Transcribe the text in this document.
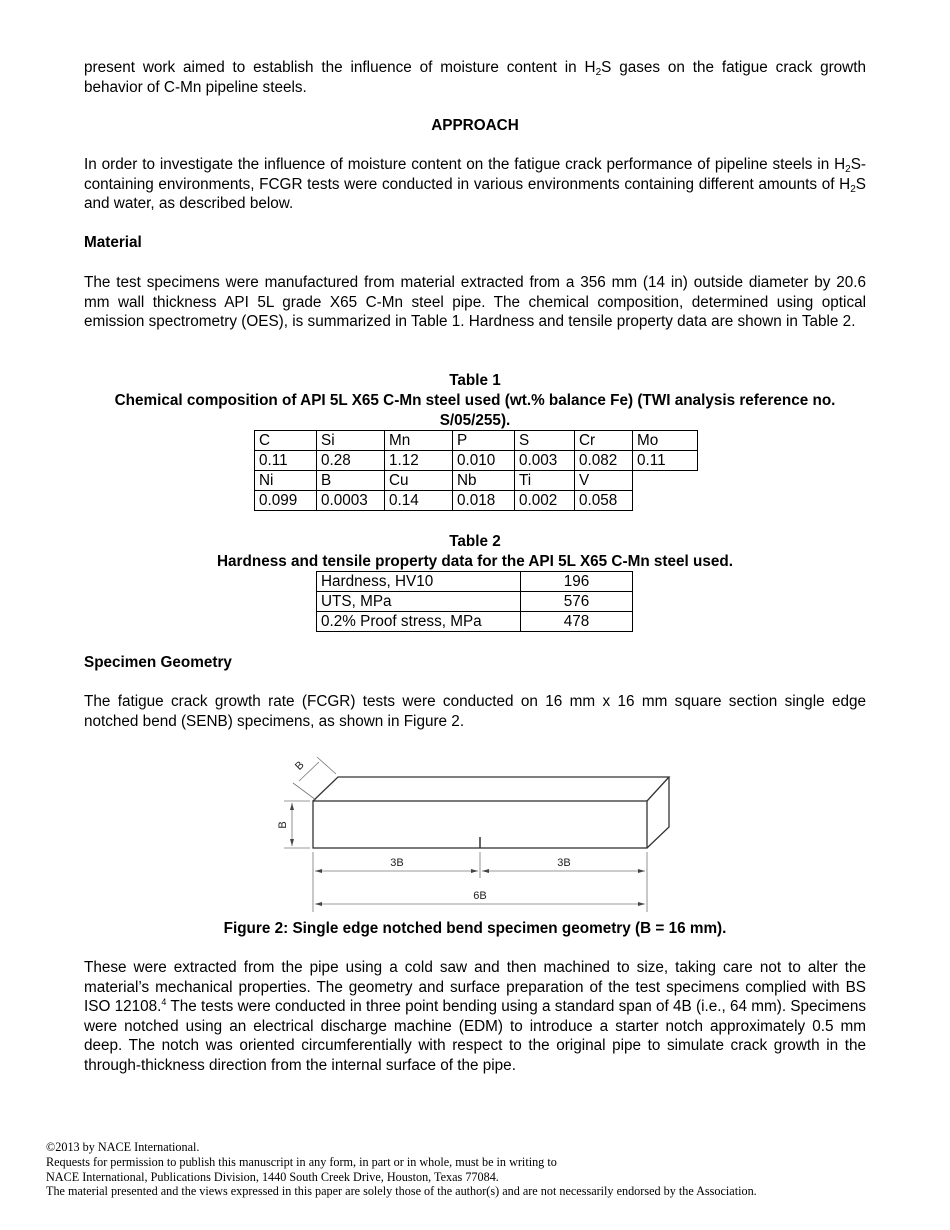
present work aimed to establish the influence of moisture content in $H_2S$ gases on the fatigue crack growth behavior of C-Mn pipeline steels.

APPROACH

In order to investigate the influence of moisture content on the fatigue crack performance of pipeline steels in $H_2S$-containing environments, FCGR tests were conducted in various environments containing different amounts of $H_2S$ and water, as described below.

Material

The test specimens were manufactured from material extracted from a 356 mm (14 in) outside diameter by 20.6 mm wall thickness API 5L grade X65 C-Mn steel pipe. The chemical composition, determined using optical emission spectrometry (OES), is summarized in Table 1. Hardness and tensile property data are shown in Table 2.

Table 1
Chemical composition of API 5L X65 C-Mn steel used (wt.% balance Fe) (TWI analysis reference no. S/05/255).
C	Si	Mn	P	S	Cr	Mo
0.11	0.28	1.12	0.010	0.003	0.082	0.11
Ni	B	Cu	Nb	Ti	V	
0.099	0.0003	0.14	0.018	0.002	0.058	
Table 2
Hardness and tensile property data for the API 5L X65 C-Mn steel used.
Hardness, HV10	196
UTS, MPa	576
0.2% Proof stress, MPa	478
Specimen Geometry

The fatigue crack growth rate (FCGR) tests were conducted on 16 mm x 16 mm square section single edge notched bend (SENB) specimens, as shown in Figure 2.

3B	3B
6B
B
B
Figure 2: Single edge notched bend specimen geometry (B = 16 mm).

These were extracted from the pipe using a cold saw and then machined to size, taking care not to alter the material’s mechanical properties. The geometry and surface preparation of the test specimens complied with BS ISO 12108.$^4$ The tests were conducted in three point bending using a standard span of 4B (i.e., 64 mm). Specimens were notched using an electrical discharge machine (EDM) to introduce a starter notch approximately 0.5 mm deep. The notch was oriented circumferentially with respect to the original pipe to simulate crack growth in the through-thickness direction from the internal surface of the pipe.

©2013 by NACE International.
Requests for permission to publish this manuscript in any form, in part or in whole, must be in writing to
NACE International, Publications Division, 1440 South Creek Drive, Houston, Texas 77084.
The material presented and the views expressed in this paper are solely those of the author(s) and are not necessarily endorsed by the Association.
